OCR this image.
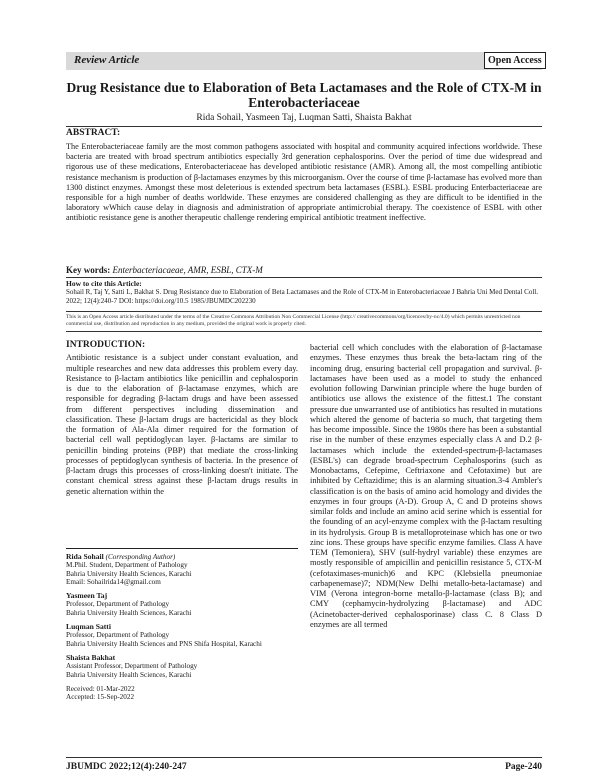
Review Article	Open Access
Drug Resistance due to Elaboration of Beta Lactamases and the Role of CTX-M in Enterobacteriaceae
Rida Sohail, Yasmeen Taj, Luqman Satti, Shaista Bakhat
ABSTRACT:
The Enterobacteriaceae family are the most common pathogens associated with hospital and community acquired infections worldwide. These bacteria are treated with broad spectrum antibiotics especially 3rd generation cephalosporins. Over the period of time due widespread and rigorous use of these medications, Enterobacteriaceae has developed antibiotic resistance (AMR). Among all, the most compelling antibiotic resistance mechanism is production of β-lactamases enzymes by this microorganism. Over the course of time β-lactamase has evolved more than 1300 distinct enzymes. Amongst these most deleterious is extended spectrum beta lactamases (ESBL). ESBL producing Enterbacteriaceae are responsible for a high number of deaths worldwide. These enzymes are considered challenging as they are difficult to be identified in the laboratory wWhich cause delay in diagnosis and administration of appropriate antimicrobial therapy. The coexistence of ESBL with other antibiotic resistance gene is another therapeutic challenge rendering empirical antibiotic treatment ineffective.
Key words: Enterbacteriacaeae, AMR, ESBL, CTX-M
How to cite this Article:
Sohail R, Taj Y, Satti L, Bakhat S. Drug Resistance due to Elaboration of Beta Lactamases and the Role of CTX-M in Enterobacteriaceae J Bahria Uni Med Dental Coll. 2022; 12(4):240-7 DOI: https://doi.org/10.5 1985/JBUMDC202230
This is an Open Access article distributed under the terms of the Creative Commons Attribution Non Commercial License (http:// creativecommons/org/licences/by-nc/4.0) which permits unrestricted non commercial use, distribution and reproduction in any medium, provided the original work is properly cited.
INTRODUCTION:

Antibiotic resistance is a subject under constant evaluation, and multiple researches and new data addresses this problem every day. Resistance to β-lactam antibiotics like penicillin and cephalosporin is due to the elaboration of β-lactamase enzymes, which are responsible for degrading β-lactam drugs and have been assessed from different perspectives including dissemination and classification. These β-lactam drugs are bactericidal as they block the formation of Ala-Ala dimer required for the formation of bacterial cell wall peptidoglycan layer. β-lactams are similar to penicillin binding proteins (PBP) that mediate the cross-linking processes of peptidoglycan synthesis of bacteria. In the presence of β-lactam drugs this processes of cross-linking doesn't initiate. The constant chemical stress against these β-lactam drugs results in genetic alternation within the

bacterial cell which concludes with the elaboration of β-lactamase enzymes. These enzymes thus break the beta-lactam ring of the incoming drug, ensuring bacterial cell propagation and survival. β-lactamases have been used as a model to study the enhanced evolution following Darwinian principle where the huge burden of antibiotics use allows the existence of the fittest.1 The constant pressure due unwarranted use of antibiotics has resulted in mutations which altered the genome of bacteria so much, that targeting them has become impossible. Since the 1980s there has been a substantial rise in the number of these enzymes especially class A and D.2 β-lactamases which include the extended-spectrum-β-lactamases (ESBL's) can degrade broad-spectrum Cephalosporins (such as Monobactams, Cefepime, Ceftriaxone and Cefotaxime) but are inhibited by Ceftazidime; this is an alarming situation.3-4 Ambler's classification is on the basis of amino acid homology and divides the enzymes in four groups (A-D). Group A, C and D proteins shows similar folds and include an amino acid serine which is essential for the founding of an acyl-enzyme complex with the β-lactam resulting in its hydrolysis. Group B is metalloproteinase which has one or two zinc ions. These groups have specific enzyme families. Class A have TEM (Temoniera), SHV (sulf-hydryl variable) these enzymes are mostly responsible of ampicillin and penicillin resistance 5, CTX-M (cefotaximases-munich)6 and KPC (Klebsiella pneumoniae carbapenemase)7; NDM(New Delhi metallo-beta-lactamase) and VIM (Verona integron-borne metallo-β-lactamase (class B); and CMY (cephamycin-hydrolyzing β-lactamase) and ADC (Acinetobacter-derived cephalosporinase) class C. 8 Class D enzymes are all termed

Rida Sohail (Corresponding Author)
M.Phil. Student, Department of Pathology
Bahria University Health Sciences, Karachi
Email: Sohailrida14@gmail.com
Yasmeen Taj
Professor, Department of Pathology
Bahria University Health Sciences, Karachi
Luqman Satti
Professor, Department of Pathology
Bahria University Health Sciences and PNS Shifa Hospital, Karachi
Shaista Bakhat
Assistant Professor, Department of Pathology
Bahria University Health Sciences, Karachi
Received: 01-Mar-2022
Accepted: 15-Sep-2022
JBUMDC 2022;12(4):240-247	Page-240
